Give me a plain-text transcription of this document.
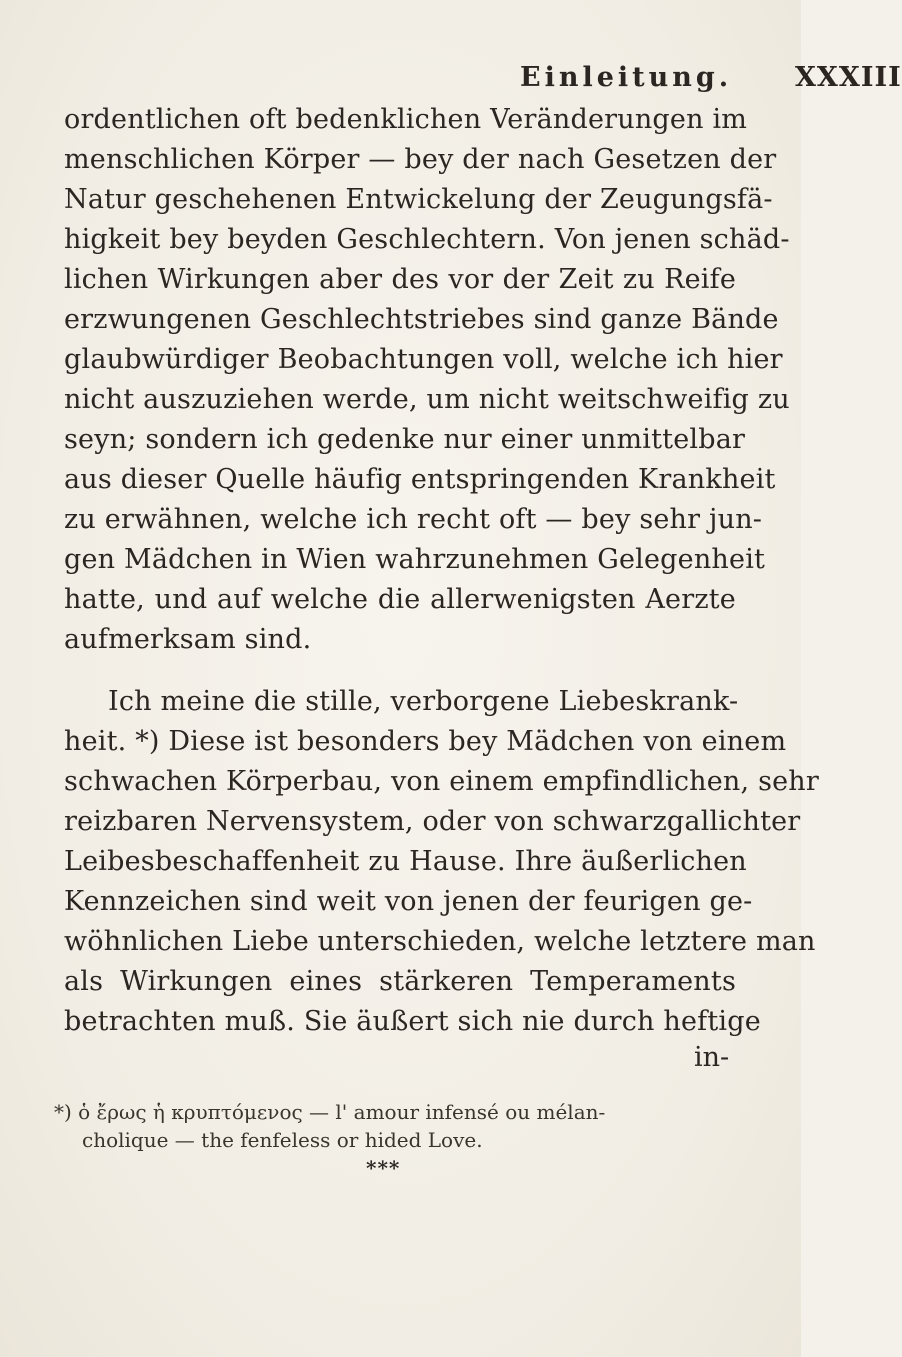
Einleitung. XXXIII
ordentlichen oft bedenklichen Veränderungen im
menschlichen Körper — bey der nach Gesetzen der
Natur geschehenen Entwickelung der Zeugungsfä-
higkeit bey beyden Geschlechtern. Von jenen schäd-
lichen Wirkungen aber des vor der Zeit zu Reife
erzwungenen Geschlechtstriebes sind ganze Bände
glaubwürdiger Beobachtungen voll, welche ich hier
nicht auszuziehen werde, um nicht weitschweifig zu
seyn; sondern ich gedenke nur einer unmittelbar
aus dieser Quelle häufig entspringenden Krankheit
zu erwähnen, welche ich recht oft — bey sehr jun-
gen Mädchen in Wien wahrzunehmen Gelegenheit
hatte, und auf welche die allerwenigsten Aerzte
aufmerksam sind.
Ich meine die stille, verborgene Liebeskrank-
heit. *) Diese ist besonders bey Mädchen von einem
schwachen Körperbau, von einem empfindlichen, sehr
reizbaren Nervensystem, oder von schwarzgallichter
Leibesbeschaffenheit zu Hause. Ihre äußerlichen
Kennzeichen sind weit von jenen der feurigen ge-
wöhnlichen Liebe unterschieden, welche letztere man
als Wirkungen eines stärkeren Temperaments
betrachten muß. Sie äußert sich nie durch heftige
in-
*) ὁ ἔρως ἡ κρυπτόμενος — l' amour infensé ou mélan-
cholique — the fenfeless or hided Love.
***
